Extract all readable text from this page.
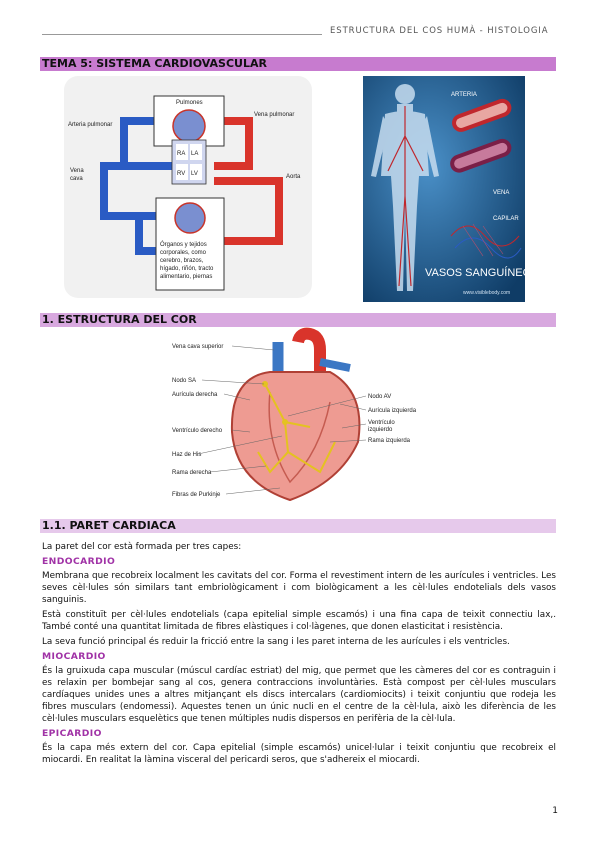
ESTRUCTURA DEL COS HUMÀ - HISTOLOGIA
TEMA 5: SISTEMA CARDIOVASCULAR
Pulmones
Arteria pulmonar
Vena pulmonar
Vena
cava	Aorta
RA LA
RV LV
Órganos y tejidos
corporales, como
cerebro, brazos,
hígado, riñón, tracto
alimentario, piernas
ARTERIA
VENA
CAPILAR
VASOS SANGUÍNEOS
www.visiblebody.com
1. ESTRUCTURA DEL COR
Aorta
Vena cava superior
Nodo SA
Aurícula derecha
Ventrículo derecho
Haz de His
Rama derecha
Fibras de Purkinje
Nodo AV
Aurícula izquierda
Ventrículo
izquierdo
Rama izquierda
1.1. PARET CARDIACA

La paret del cor està formada per tres capes:

ENDOCARDIO

Membrana que recobreix localment les cavitats del cor. Forma el revestiment intern de les aurícules i ventricles. Les seves cèl·lules són similars tant embriològicament i com biològicament a les cèl·lules endotelials dels vasos sanguinis.

Està constituït per cèl·lules endotelials (capa epitelial simple escamós) i una fina capa de teixit connectiu lax,. També conté una quantitat limitada de fibres elàstiques i col·làgenes, que donen elasticitat i resistència.

La seva funció principal és reduir la fricció entre la sang i les paret interna de les aurícules i els ventricles.

MIOCARDIO

És la gruixuda capa muscular (múscul cardíac estriat) del mig, que permet que les càmeres del cor es contraguin i es relaxin per bombejar sang al cos, genera contraccions involuntàries. Està compost per cèl·lules musculars cardíaques unides unes a altres mitjançant els discs intercalars (cardiomiocits) i teixit conjuntiu que rodeja les fibres musculars (endomessi). Aquestes tenen un únic nucli en el centre de la cèl·lula, això les diferència de les cèl·lules musculars esquelètics que tenen múltiples nudis dispersos en perifèria de la cèl·lula.

EPICARDIO

És la capa més extern del cor. Capa epitelial (simple escamós) unicel·lular i teixit conjuntiu que recobreix el miocardi. En realitat la làmina visceral del pericardi seros, que s'adhereix el miocardi.

1
